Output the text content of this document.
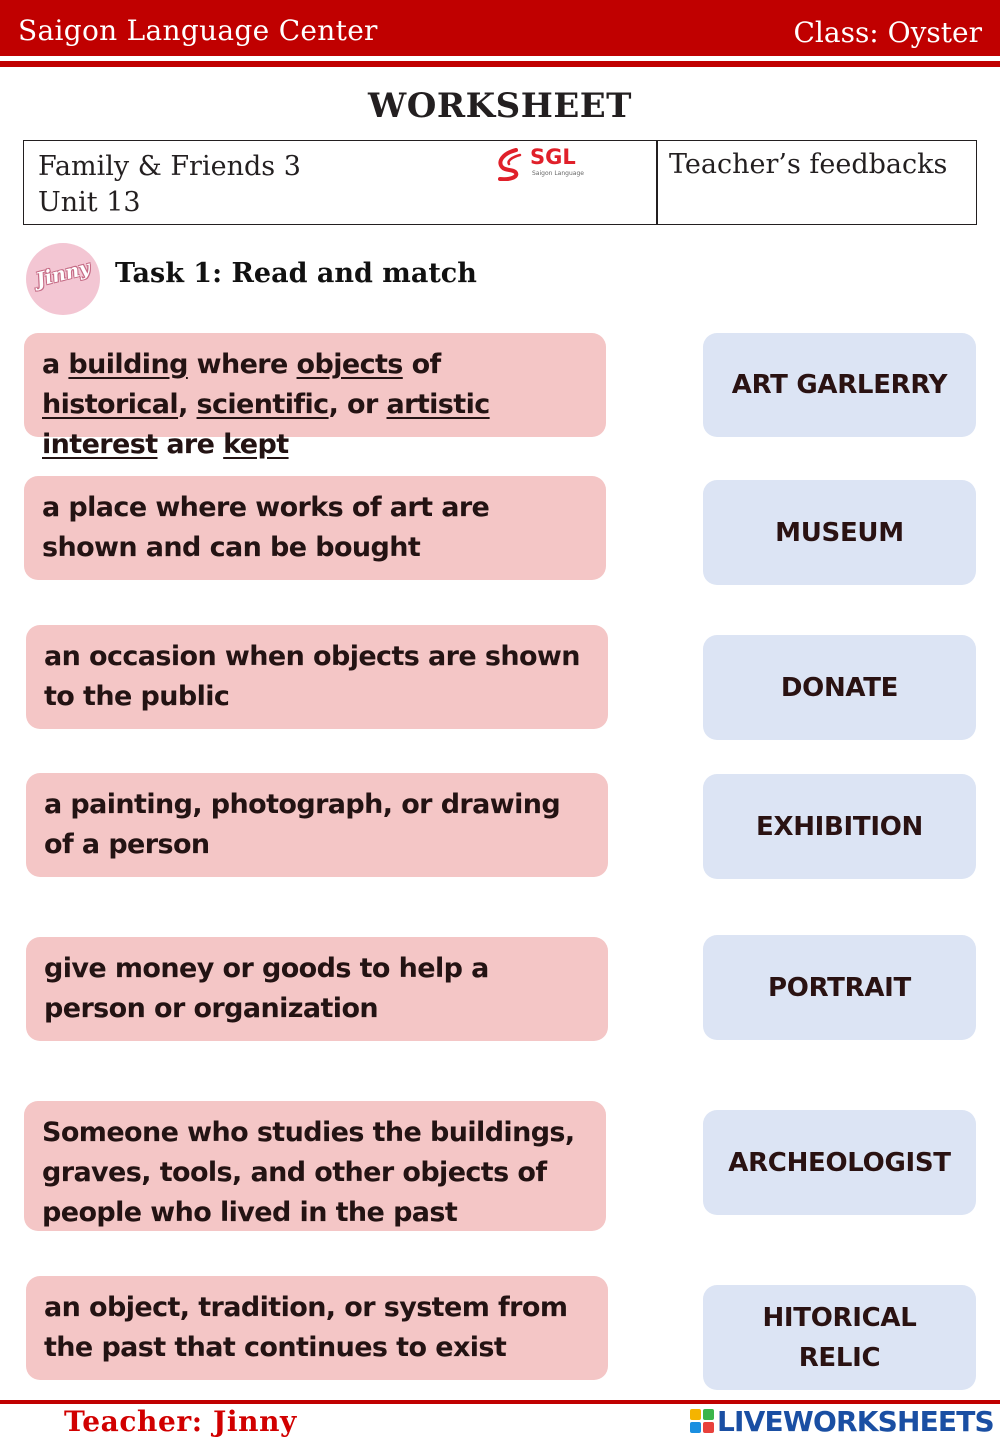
Saigon Language Center	Class: Oyster
WORKSHEET
Family & Friends 3
Unit 13
SGL
Saigon Language	Teacher’s feedbacks
Jinny Task 1: Read and match
a building where objects of historical, scientific, or artistic interest are kept
a place where works of art are shown and can be bought
an occasion when objects are shown to the public
a painting, photograph, or drawing of a person
give money or goods to help a person or organization
Someone who studies the buildings, graves, tools, and other objects of people who lived in the past
an object, tradition, or system from the past that continues to exist
ART GARLERRY
MUSEUM
DONATE
EXHIBITION
PORTRAIT
ARCHEOLOGIST
HITORICAL RELIC
Teacher: Jinny	LIVEWORKSHEETS
